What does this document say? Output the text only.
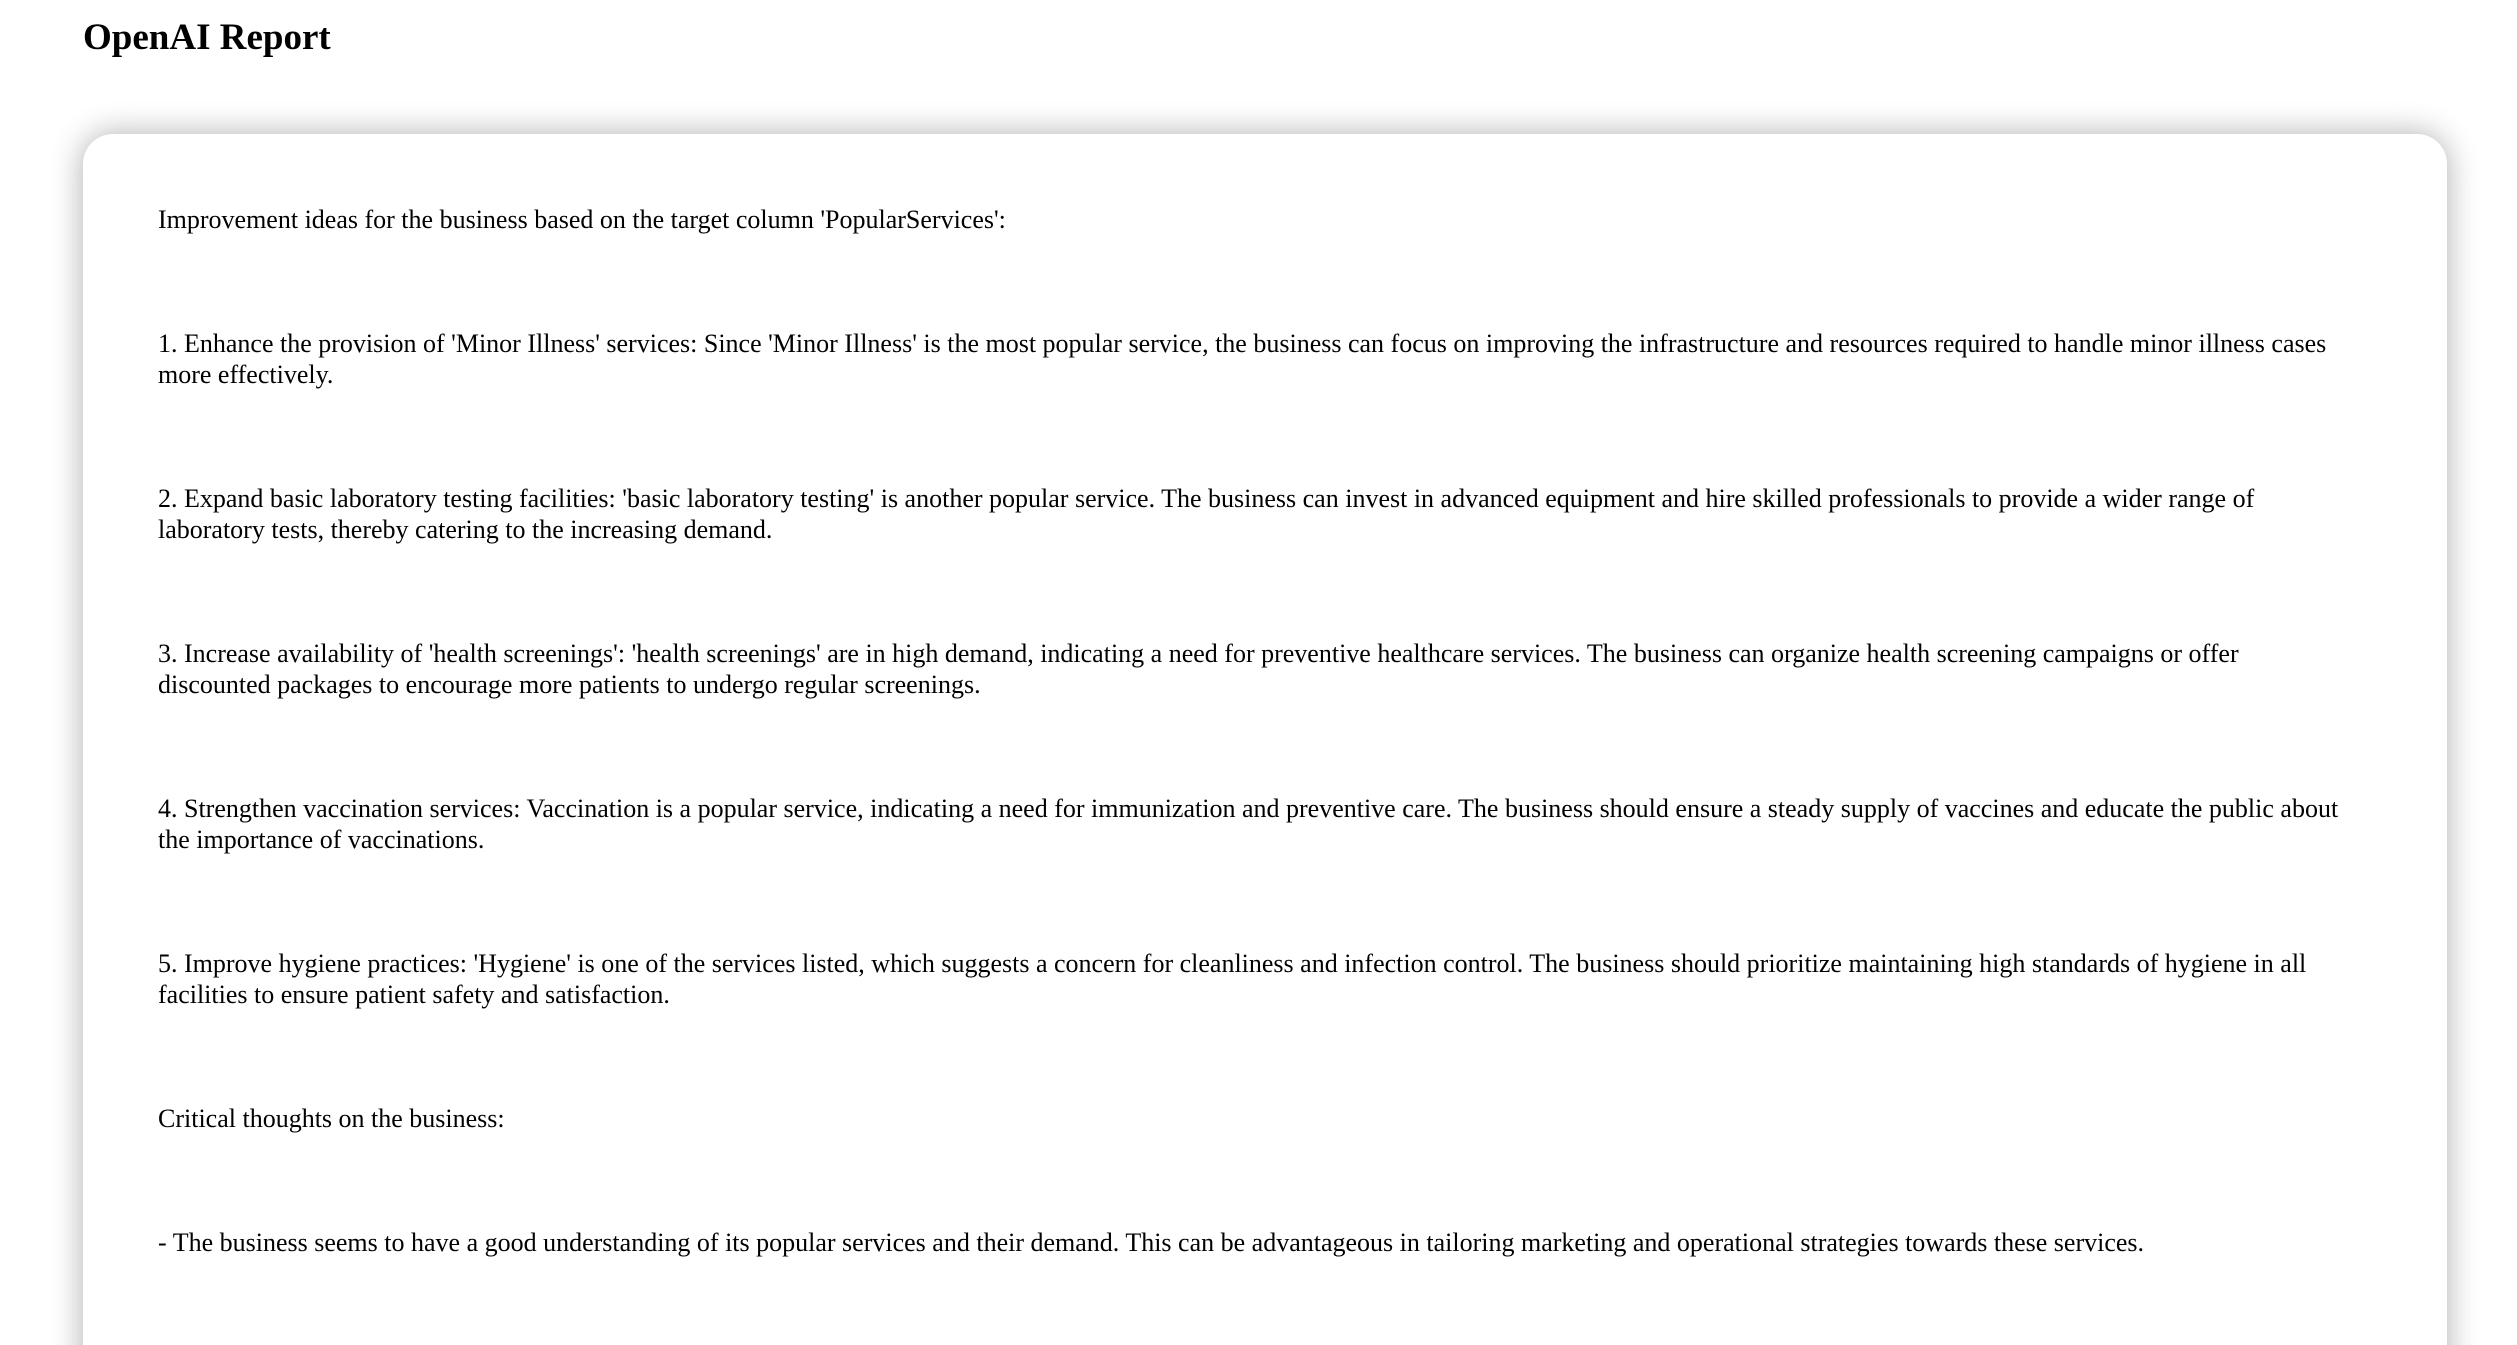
OpenAI Report

Improvement ideas for the business based on the target column 'PopularServices':

1. Enhance the provision of 'Minor Illness' services: Since 'Minor Illness' is the most popular service, the business can focus on improving the infrastructure and resources required to handle minor illness cases more effectively.

2. Expand basic laboratory testing facilities: 'basic laboratory testing' is another popular service. The business can invest in advanced equipment and hire skilled professionals to provide a wider range of laboratory tests, thereby catering to the increasing demand.

3. Increase availability of 'health screenings': 'health screenings' are in high demand, indicating a need for preventive healthcare services. The business can organize health screening campaigns or offer discounted packages to encourage more patients to undergo regular screenings.

4. Strengthen vaccination services: Vaccination is a popular service, indicating a need for immunization and preventive care. The business should ensure a steady supply of vaccines and educate the public about the importance of vaccinations.

5. Improve hygiene practices: 'Hygiene' is one of the services listed, which suggests a concern for cleanliness and infection control. The business should prioritize maintaining high standards of hygiene in all facilities to ensure patient safety and satisfaction.

Critical thoughts on the business:

- The business seems to have a good understanding of its popular services and their demand. This can be advantageous in tailoring marketing and operational strategies towards these services.
